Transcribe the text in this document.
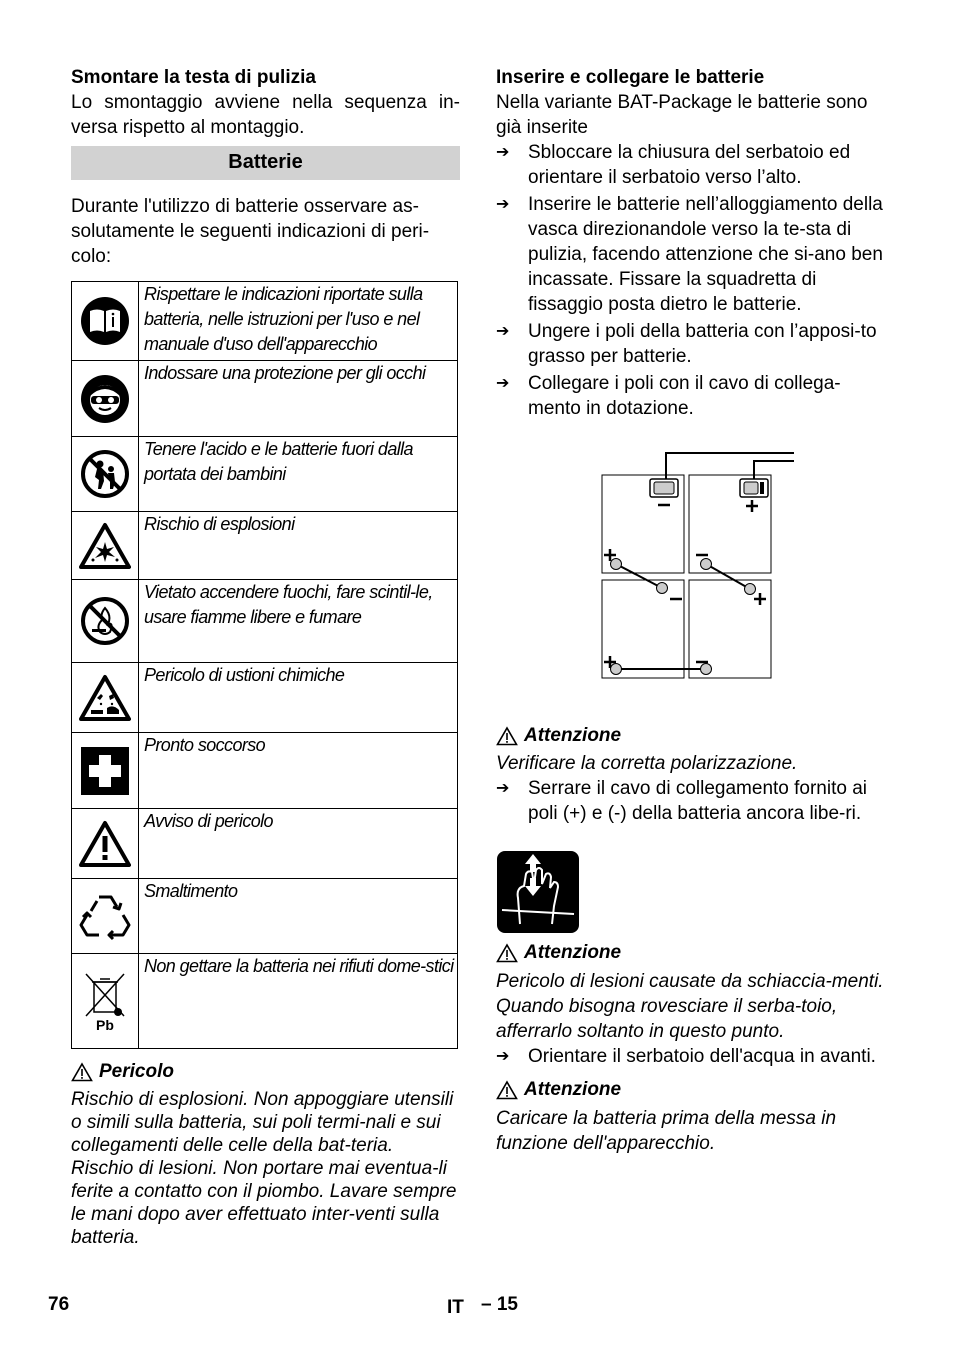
Smontare la testa di pulizia

Lo smontaggio avviene nella sequenza in-versa rispetto al montaggio.

Batterie

Durante l'utilizzo di batterie osservare as-solutamente le seguenti indicazioni di peri-colo:

	Rispettare le indicazioni riportate sulla batteria, nelle istruzioni per l'uso e nel manuale d'uso dell'apparecchio

	Indossare una protezione per gli occhi

	Tenere l'acido e le batterie fuori dalla portata dei bambini

	Rischio di esplosioni

	Vietato accendere fuochi, fare scintil-le, usare fiamme libere e fumare

	Pericolo di ustioni chimiche

	Pronto soccorso

	Avviso di pericolo

	Smaltimento

Pb	Non gettare la batteria nei rifiuti dome-stici
Pericolo

Rischio di esplosioni. Non appoggiare utensili o simili sulla batteria, sui poli termi-nali e sui collegamenti delle celle della bat-teria.

Rischio di lesioni. Non portare mai eventua-li ferite a contatto con il piombo. Lavare sempre le mani dopo aver effettuato inter-venti sulla batteria.

Inserire e collegare le batterie

Nella variante BAT-Package le batterie sono già inserite

➔ Sbloccare la chiusura del serbatoio ed orientare il serbatoio verso l’alto.
➔ Inserire le batterie nell’alloggiamento della vasca direzionandole verso la te-sta di pulizia, facendo attenzione che si-ano ben incassate. Fissare la squadretta di fissaggio posta dietro le batterie.
➔ Ungere i poli della batteria con l’apposi-to grasso per batterie.
➔ Collegare i poli con il cavo di collega-mento in dotazione.
Attenzione

Verificare la corretta polarizzazione.

➔ Serrare il cavo di collegamento fornito ai poli (+) e (-) della batteria ancora libe-ri.
Attenzione

Pericolo di lesioni causate da schiaccia-menti. Quando bisogna rovesciare il serba-toio, afferrarlo soltanto in questo punto.

➔ Orientare il serbatoio dell'acqua in avanti.
Attenzione

Caricare la batteria prima della messa in funzione dell'apparecchio.

76	IT – 15
